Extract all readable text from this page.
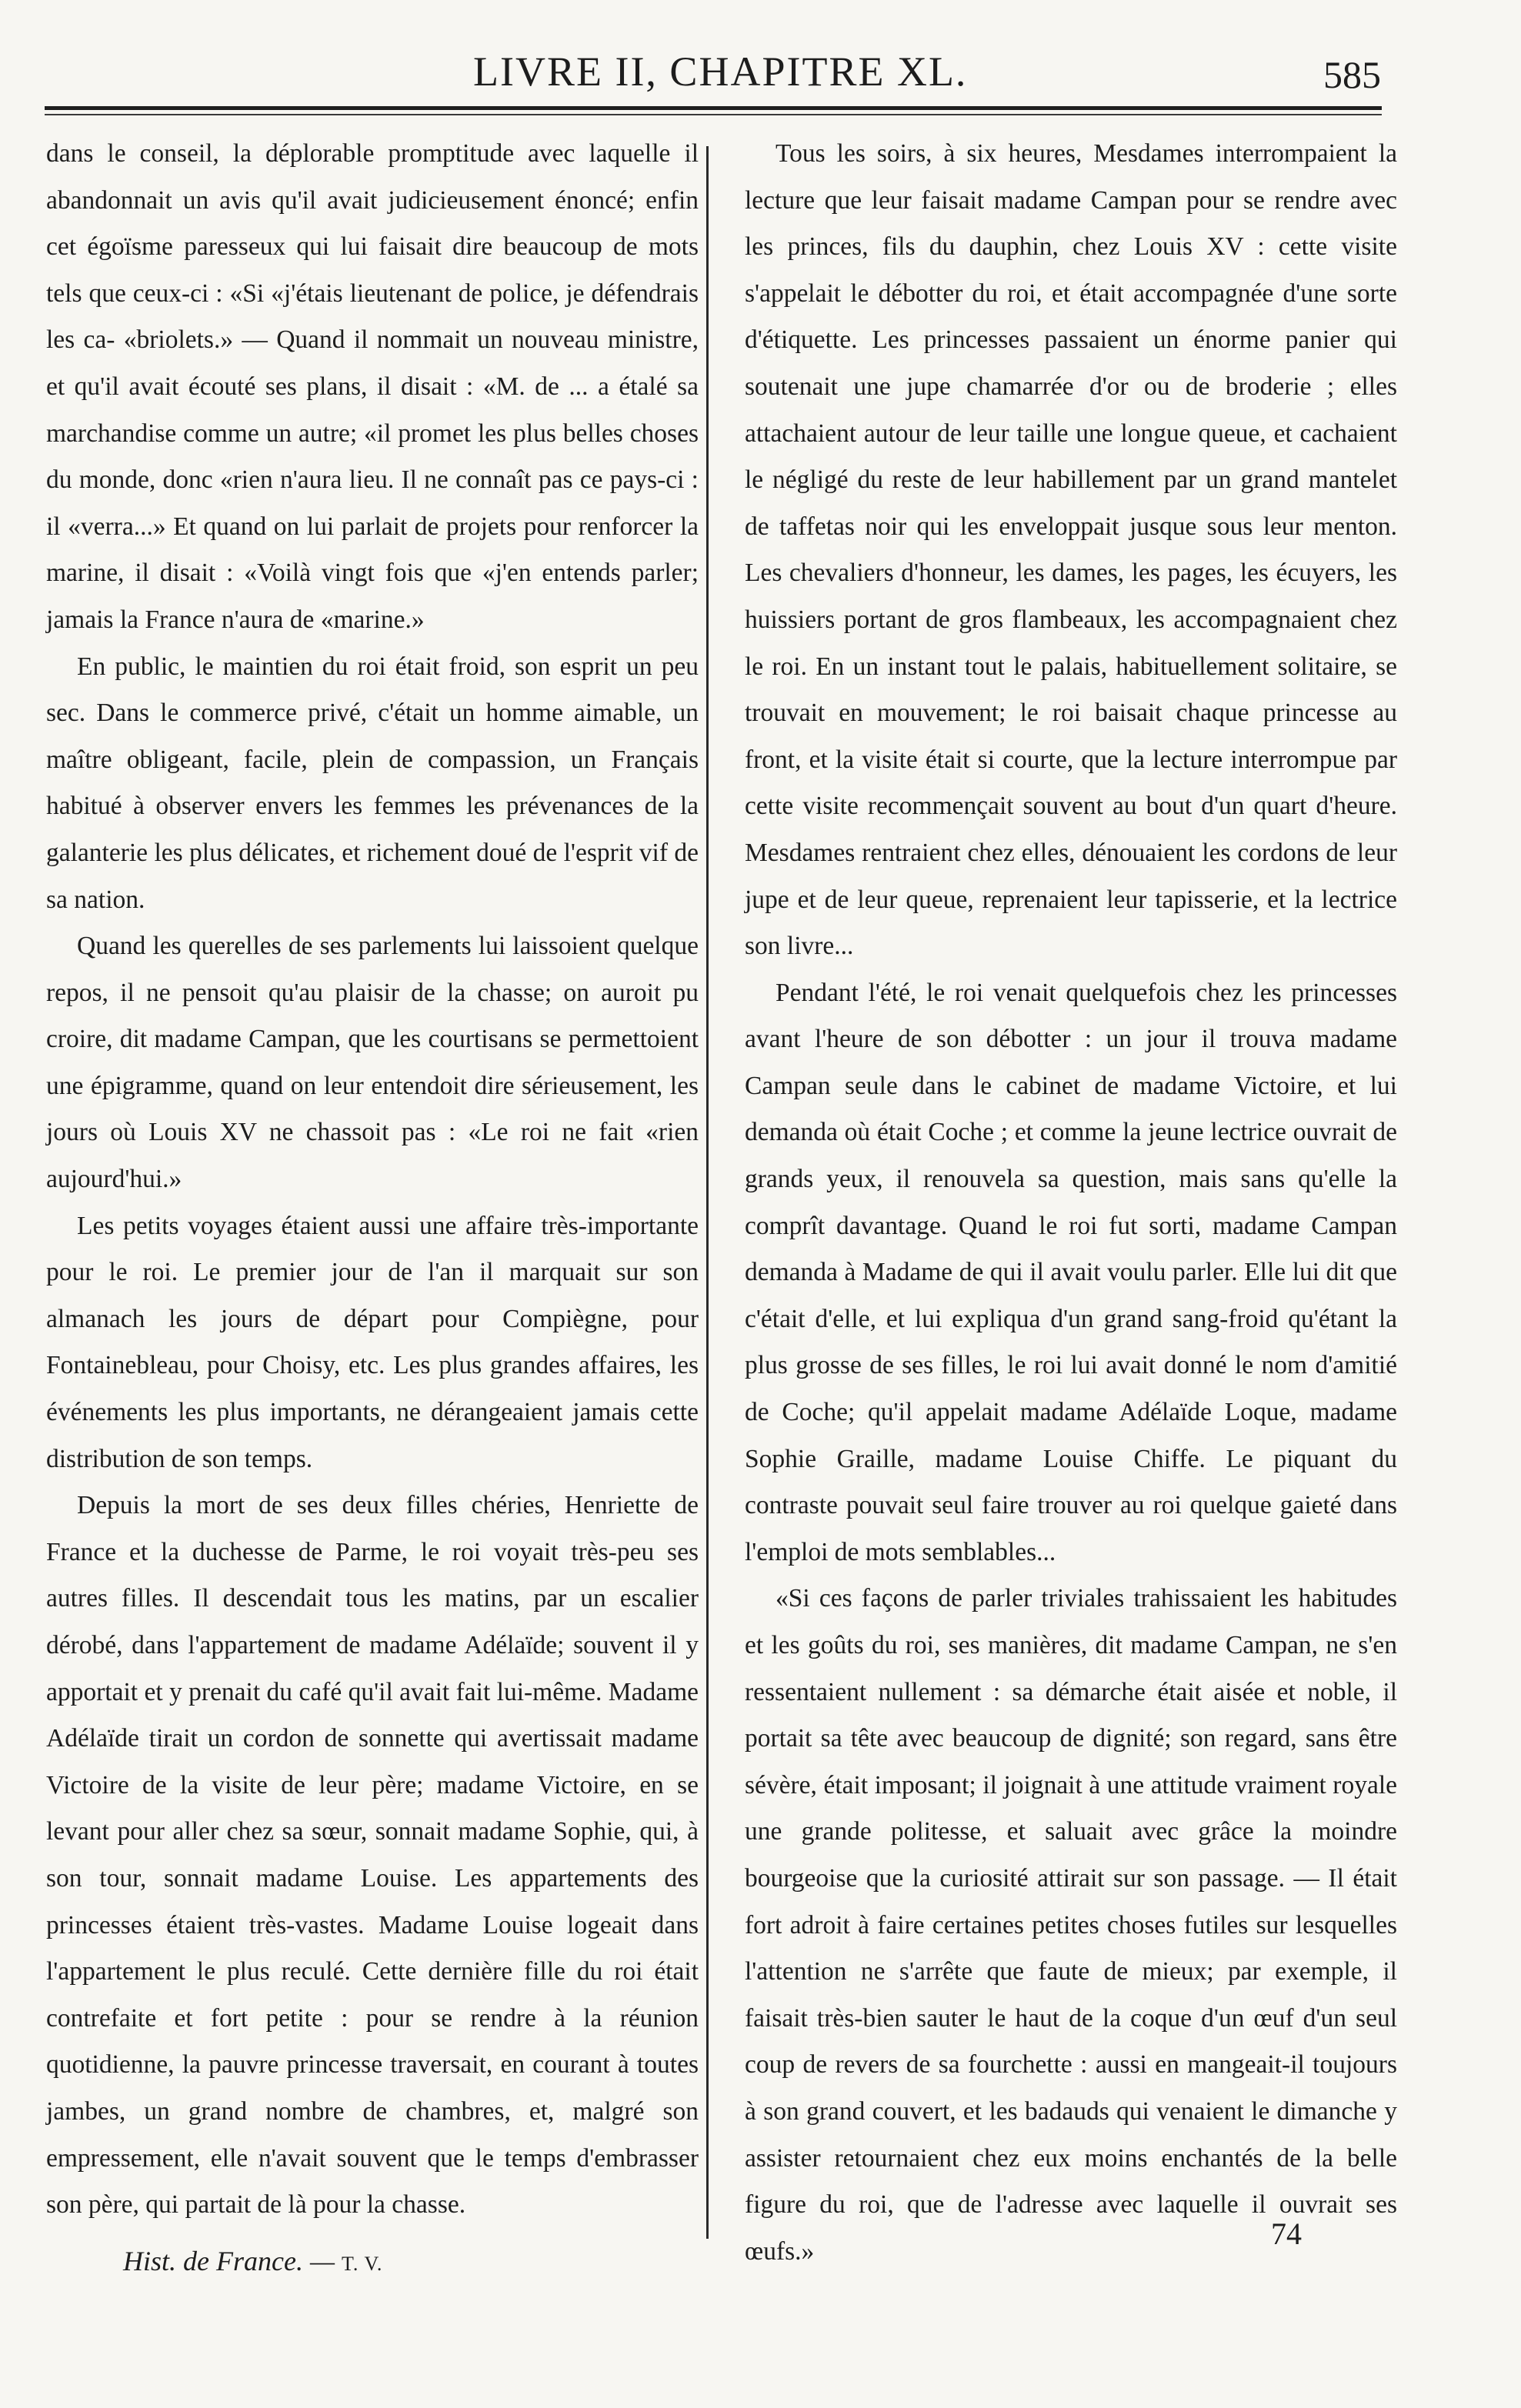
LIVRE II, CHAPITRE XL.	585

dans le conseil, la déplorable promptitude avec laquelle il abandonnait un avis qu'il avait judicieusement énoncé; enfin cet égoïsme paresseux qui lui faisait dire beaucoup de mots tels que ceux-ci : «Si «j'étais lieutenant de police, je défendrais les ca- «briolets.» — Quand il nommait un nouveau ministre, et qu'il avait écouté ses plans, il disait : «M. de ... a étalé sa marchandise comme un autre; «il promet les plus belles choses du monde, donc «rien n'aura lieu. Il ne connaît pas ce pays-ci : il «verra...» Et quand on lui parlait de projets pour renforcer la marine, il disait : «Voilà vingt fois que «j'en entends parler; jamais la France n'aura de «marine.»

En public, le maintien du roi était froid, son esprit un peu sec. Dans le commerce privé, c'était un homme aimable, un maître obligeant, facile, plein de compassion, un Français habitué à observer envers les femmes les prévenances de la galanterie les plus délicates, et richement doué de l'esprit vif de sa nation.

Quand les querelles de ses parlements lui laissoient quelque repos, il ne pensoit qu'au plaisir de la chasse; on auroit pu croire, dit madame Campan, que les courtisans se permettoient une épigramme, quand on leur entendoit dire sérieusement, les jours où Louis XV ne chassoit pas : «Le roi ne fait «rien aujourd'hui.»

Les petits voyages étaient aussi une affaire très-importante pour le roi. Le premier jour de l'an il marquait sur son almanach les jours de départ pour Compiègne, pour Fontainebleau, pour Choisy, etc. Les plus grandes affaires, les événements les plus importants, ne dérangeaient jamais cette distribution de son temps.

Depuis la mort de ses deux filles chéries, Henriette de France et la duchesse de Parme, le roi voyait très-peu ses autres filles. Il descendait tous les matins, par un escalier dérobé, dans l'appartement de madame Adélaïde; souvent il y apportait et y prenait du café qu'il avait fait lui-même. Madame Adélaïde tirait un cordon de sonnette qui avertissait madame Victoire de la visite de leur père; madame Victoire, en se levant pour aller chez sa sœur, sonnait madame Sophie, qui, à son tour, sonnait madame Louise. Les appartements des princesses étaient très-vastes. Madame Louise logeait dans l'appartement le plus reculé. Cette dernière fille du roi était contrefaite et fort petite : pour se rendre à la réunion quotidienne, la pauvre princesse traversait, en courant à toutes jambes, un grand nombre de chambres, et, malgré son empressement, elle n'avait souvent que le temps d'embrasser son père, qui partait de là pour la chasse.

Tous les soirs, à six heures, Mesdames interrompaient la lecture que leur faisait madame Campan pour se rendre avec les princes, fils du dauphin, chez Louis XV : cette visite s'appelait le débotter du roi, et était accompagnée d'une sorte d'étiquette. Les princesses passaient un énorme panier qui soutenait une jupe chamarrée d'or ou de broderie ; elles attachaient autour de leur taille une longue queue, et cachaient le négligé du reste de leur habillement par un grand mantelet de taffetas noir qui les enveloppait jusque sous leur menton. Les chevaliers d'honneur, les dames, les pages, les écuyers, les huissiers portant de gros flambeaux, les accompagnaient chez le roi. En un instant tout le palais, habituellement solitaire, se trouvait en mouvement; le roi baisait chaque princesse au front, et la visite était si courte, que la lecture interrompue par cette visite recommençait souvent au bout d'un quart d'heure. Mesdames rentraient chez elles, dénouaient les cordons de leur jupe et de leur queue, reprenaient leur tapisserie, et la lectrice son livre...

Pendant l'été, le roi venait quelquefois chez les princesses avant l'heure de son débotter : un jour il trouva madame Campan seule dans le cabinet de madame Victoire, et lui demanda où était Coche ; et comme la jeune lectrice ouvrait de grands yeux, il renouvela sa question, mais sans qu'elle la comprît davantage. Quand le roi fut sorti, madame Campan demanda à Madame de qui il avait voulu parler. Elle lui dit que c'était d'elle, et lui expliqua d'un grand sang-froid qu'étant la plus grosse de ses filles, le roi lui avait donné le nom d'amitié de Coche; qu'il appelait madame Adélaïde Loque, madame Sophie Graille, madame Louise Chiffe. Le piquant du contraste pouvait seul faire trouver au roi quelque gaieté dans l'emploi de mots semblables...

«Si ces façons de parler triviales trahissaient les habitudes et les goûts du roi, ses manières, dit madame Campan, ne s'en ressentaient nullement : sa démarche était aisée et noble, il portait sa tête avec beaucoup de dignité; son regard, sans être sévère, était imposant; il joignait à une attitude vraiment royale une grande politesse, et saluait avec grâce la moindre bourgeoise que la curiosité attirait sur son passage. — Il était fort adroit à faire certaines petites choses futiles sur lesquelles l'attention ne s'arrête que faute de mieux; par exemple, il faisait très-bien sauter le haut de la coque d'un œuf d'un seul coup de revers de sa fourchette : aussi en mangeait-il toujours à son grand couvert, et les badauds qui venaient le dimanche y assister retournaient chez eux moins enchantés de la belle figure du roi, que de l'adresse avec laquelle il ouvrait ses œufs.»

Hist. de France. — T. V.
74
